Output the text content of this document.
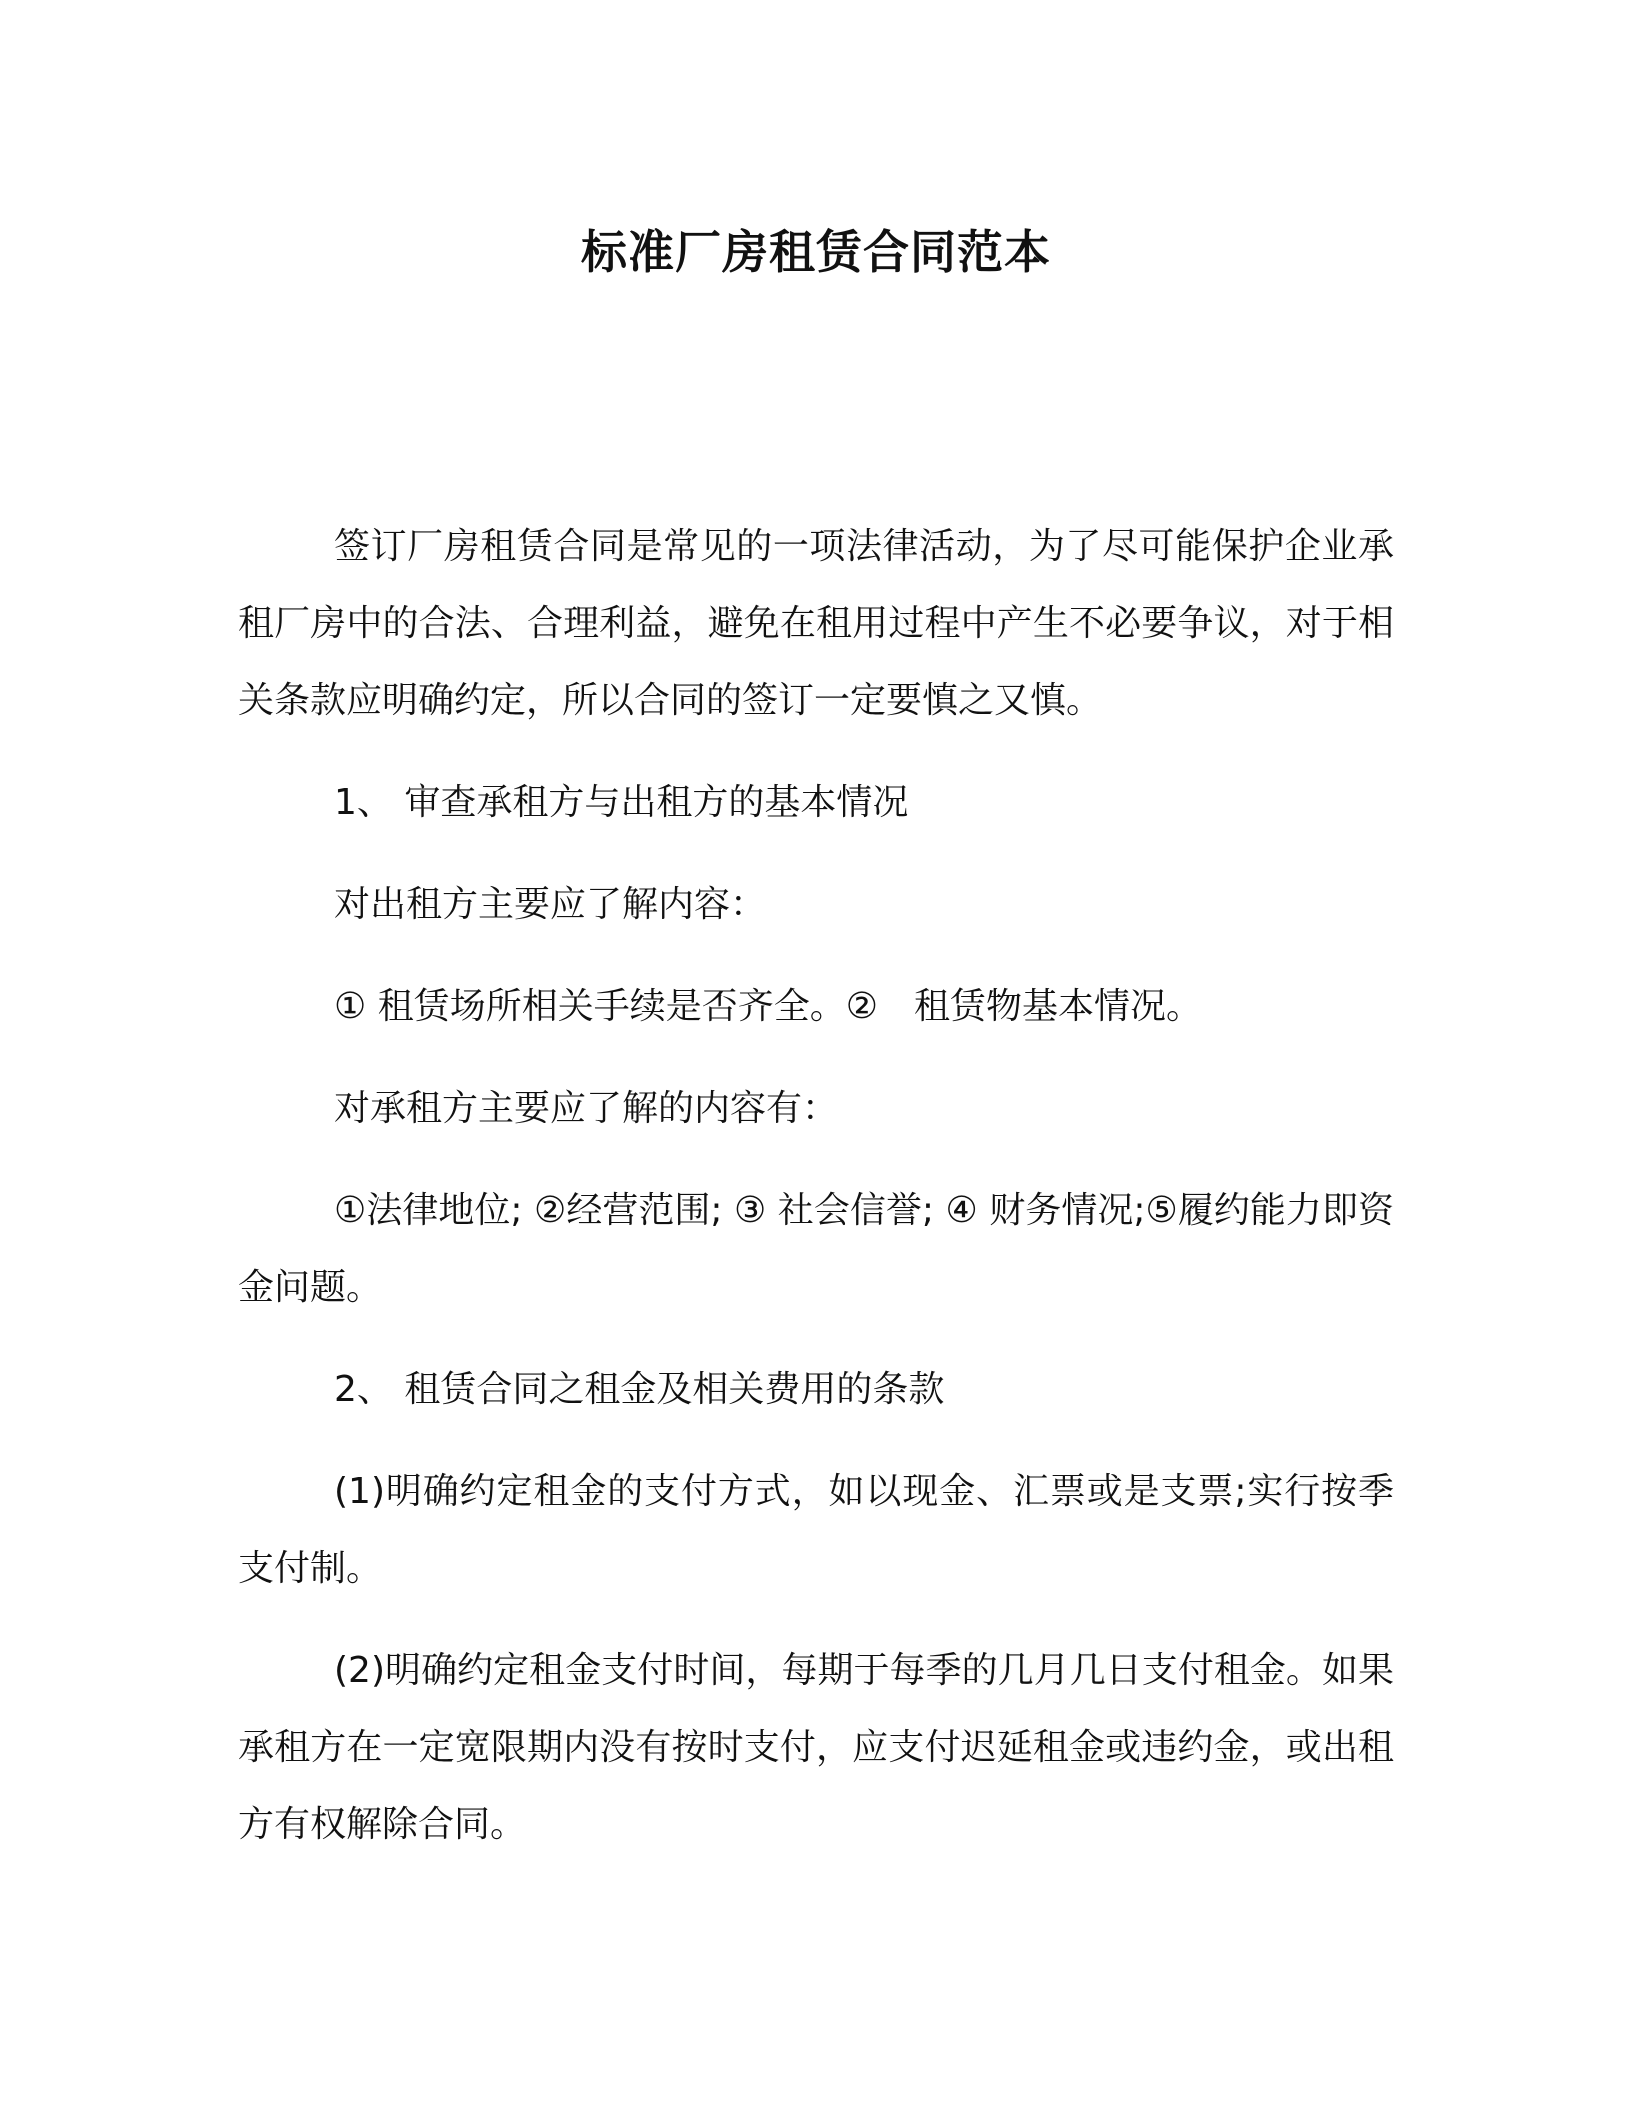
标准厂房租赁合同范本

签订厂房租赁合同是常见的一项法律活动，为了尽可能保护企业承租厂房中的合法、合理利益，避免在租用过程中产生不必要争议，对于相关条款应明确约定，所以合同的签订一定要慎之又慎。

1、 审查承租方与出租方的基本情况

对出租方主要应了解内容：

① 租赁场所相关手续是否齐全。②　租赁物基本情况。

对承租方主要应了解的内容有：

①法律地位; ②经营范围; ③ 社会信誉; ④ 财务情况;⑤履约能力即资金问题。

2、 租赁合同之租金及相关费用的条款

(1)明确约定租金的支付方式，如以现金、汇票或是支票;实行按季支付制。

(2)明确约定租金支付时间，每期于每季的几月几日支付租金。如果承租方在一定宽限期内没有按时支付，应支付迟延租金或违约金，或出租方有权解除合同。
